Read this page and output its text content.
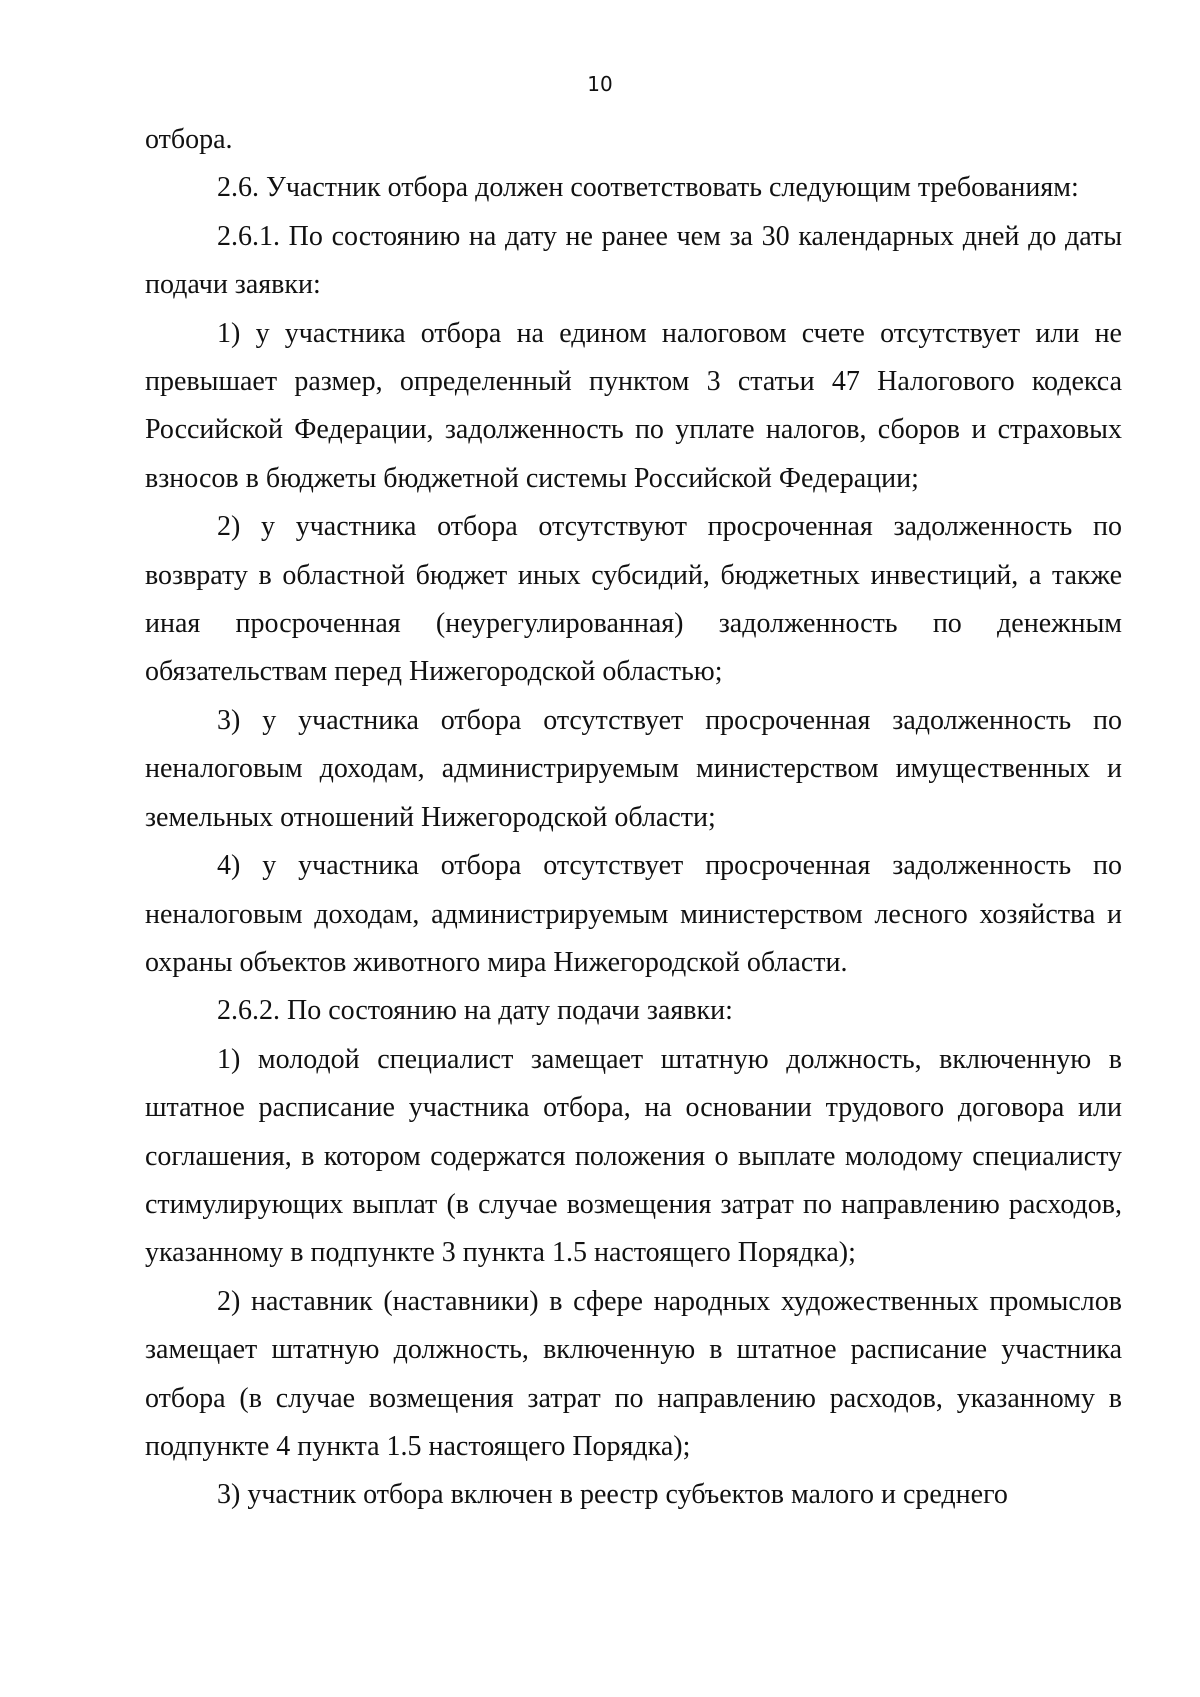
10

отбора.

2.6. Участник отбора должен соответствовать следующим требованиям:

2.6.1. По состоянию на дату не ранее чем за 30 календарных дней до даты подачи заявки:

1) у участника отбора на едином налоговом счете отсутствует или не превышает размер, определенный пунктом 3 статьи 47 Налогового кодекса Российской Федерации, задолженность по уплате налогов, сборов и страховых взносов в бюджеты бюджетной системы Российской Федерации;

2) у участника отбора отсутствуют просроченная задолженность по возврату в областной бюджет иных субсидий, бюджетных инвестиций, а также иная просроченная (неурегулированная) задолженность по денежным обязательствам перед Нижегородской областью;

3) у участника отбора отсутствует просроченная задолженность по неналоговым доходам, администрируемым министерством имущественных и земельных отношений Нижегородской области;

4) у участника отбора отсутствует просроченная задолженность по неналоговым доходам, администрируемым министерством лесного хозяйства и охраны объектов животного мира Нижегородской области.

2.6.2. По состоянию на дату подачи заявки:

1) молодой специалист замещает штатную должность, включенную в штатное расписание участника отбора, на основании трудового договора или соглашения, в котором содержатся положения о выплате молодому специалисту стимулирующих выплат (в случае возмещения затрат по направлению расходов, указанному в подпункте 3 пункта 1.5 настоящего Порядка);

2) наставник (наставники) в сфере народных художественных промыслов замещает штатную должность, включенную в штатное расписание участника отбора (в случае возмещения затрат по направлению расходов, указанному в подпункте 4 пункта 1.5 настоящего Порядка);

3) участник отбора включен в реестр субъектов малого и среднего
